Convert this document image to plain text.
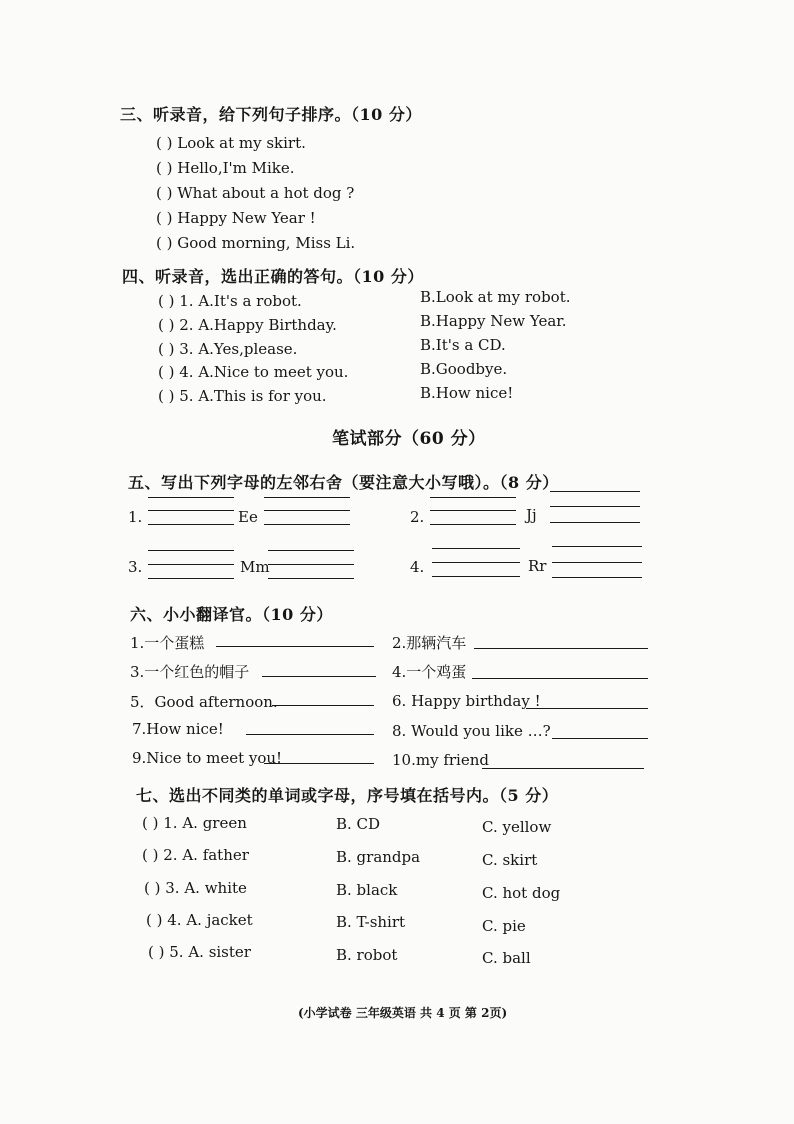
三、听录音，给下列句子排序。（10 分）
( ) Look at my skirt.
( ) Hello,I'm Mike.
( ) What about a hot dog ?
( ) Happy New Year !
( ) Good morning, Miss Li.
四、听录音，选出正确的答句。（10 分）
( ) 1. A.It's a robot.	B.Look at my robot.
( ) 2. A.Happy Birthday.	B.Happy New Year.
( ) 3. A.Yes,please.	B.It's a CD.
( ) 4. A.Nice to meet you.	B.Goodbye.
( ) 5. A.This is for you.	B.How nice!
笔试部分（60 分）
五、写出下列字母的左邻右舍（要注意大小写哦）。（8 分）
1.	Ee	2.	Jj
3.	Mm	4.	Rr
六、小小翻译官。（10 分）
1.一个蛋糕	2.那辆汽车
3.一个红色的帽子	4.一个鸡蛋
5．Good afternoon.	6. Happy birthday !
7.How nice!	8. Would you like …?
9.Nice to meet you!	10.my friend
七、选出不同类的单词或字母，序号填在括号内。（5 分）
( ) 1. A. green	B. CD	C. yellow
( ) 2. A. father	B. grandpa	C. skirt
( ) 3. A. white	B. black	C. hot dog
( ) 4. A. jacket	B. T-shirt	C. pie
( ) 5. A. sister	B. robot	C. ball
(小学试卷 三年级英语 共 4 页 第 2页)
